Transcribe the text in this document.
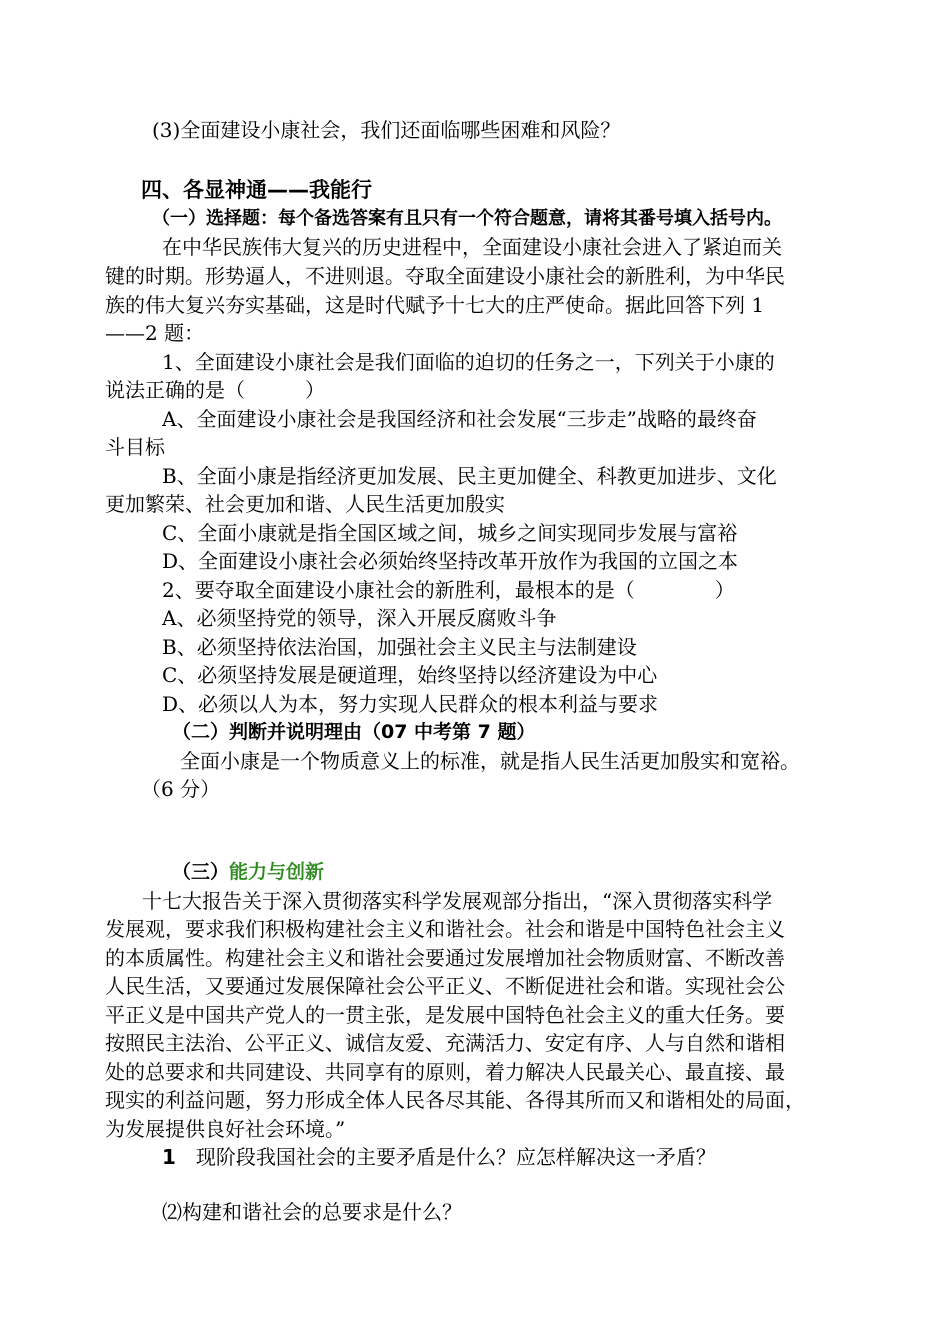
(3)全面建设小康社会，我们还面临哪些困难和风险？
四、各显神通——我能行
（一）选择题：每个备选答案有且只有一个符合题意，请将其番号填入括号内。
在中华民族伟大复兴的历史进程中，全面建设小康社会进入了紧迫而关
键的时期。形势逼人，不进则退。夺取全面建设小康社会的新胜利，为中华民
族的伟大复兴夯实基础，这是时代赋予十七大的庄严使命。据此回答下列 1
——2 题：
1、全面建设小康社会是我们面临的迫切的任务之一，下列关于小康的
说法正确的是（　　　）
A、全面建设小康社会是我国经济和社会发展“三步走”战略的最终奋
斗目标
B、全面小康是指经济更加发展、民主更加健全、科教更加进步、文化
更加繁荣、社会更加和谐、人民生活更加殷实
C、全面小康就是指全国区域之间，城乡之间实现同步发展与富裕
D、全面建设小康社会必须始终坚持改革开放作为我国的立国之本
2、要夺取全面建设小康社会的新胜利，最根本的是（　　　　）
A、必须坚持党的领导，深入开展反腐败斗争
B、必须坚持依法治国，加强社会主义民主与法制建设
C、必须坚持发展是硬道理，始终坚持以经济建设为中心
D、必须以人为本，努力实现人民群众的根本利益与要求
（二）判断并说明理由（07 中考第 7 题）
全面小康是一个物质意义上的标准，就是指人民生活更加殷实和宽裕。
（6 分）
（三）能力与创新
十七大报告关于深入贯彻落实科学发展观部分指出，“深入贯彻落实科学
发展观，要求我们积极构建社会主义和谐社会。社会和谐是中国特色社会主义
的本质属性。构建社会主义和谐社会要通过发展增加社会物质财富、不断改善
人民生活，又要通过发展保障社会公平正义、不断促进社会和谐。实现社会公
平正义是中国共产党人的一贯主张，是发展中国特色社会主义的重大任务。要
按照民主法治、公平正义、诚信友爱、充满活力、安定有序、人与自然和谐相
处的总要求和共同建设、共同享有的原则，着力解决人民最关心、最直接、最
现实的利益问题，努力形成全体人民各尽其能、各得其所而又和谐相处的局面，
为发展提供良好社会环境。”
1 现阶段我国社会的主要矛盾是什么？应怎样解决这一矛盾？
⑵构建和谐社会的总要求是什么？
